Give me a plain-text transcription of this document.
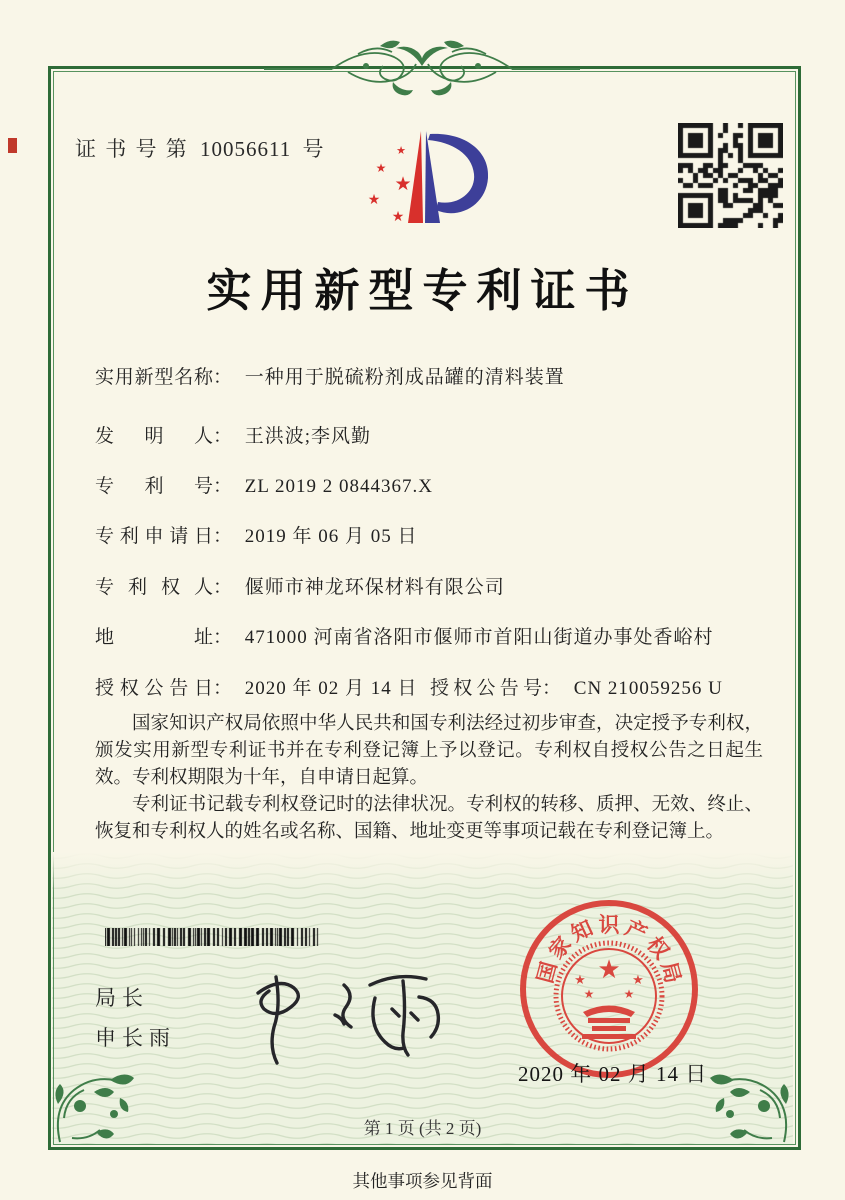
证 书 号 第 10056611 号	★
★
★
★
★
实用新型专利证书
实用新型名称： 一种用于脱硫粉剂成品罐的清料装置
发明人： 王洪波;李风勤
专利号： ZL 2019 2 0844367.X
专利申请日： 2019 年 06 月 05 日
专利权人： 偃师市神龙环保材料有限公司
地址： 471000 河南省洛阳市偃师市首阳山街道办事处香峪村
授权公告日： 2020 年 02 月 14 日 授权公告号： CN 210059256 U

国家知识产权局依照中华人民共和国专利法经过初步审查，决定授予专利权，颁发实用新型专利证书并在专利登记簿上予以登记。专利权自授权公告之日起生效。专利权期限为十年，自申请日起算。

专利证书记载专利权登记时的法律状况。专利权的转移、质押、无效、终止、恢复和专利权人的姓名或名称、国籍、地址变更等事项记载在专利登记簿上。

局长
申长雨
国
家
知 识 产
权
局
★
★	★
★ ★
2020 年 02 月 14 日
第 1 页 (共 2 页)
其他事项参见背面
